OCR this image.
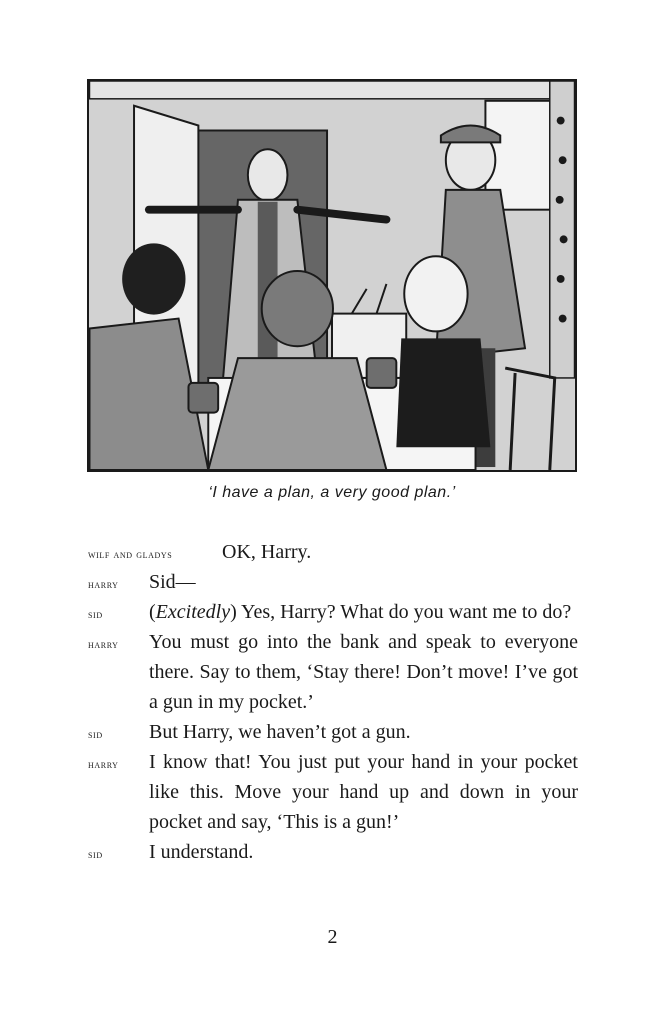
‘I have a plan, a very good plan.’
wilf and gladys	OK, Harry.
harry	Sid—
sid	(Excitedly) Yes, Harry? What do you want me to do?
harry	You must go into the bank and speak to everyone there. Say to them, ‘Stay there! Don’t move! I’ve got a gun in my pocket.’
sid	But Harry, we haven’t got a gun.
harry	I know that! You just put your hand in your pocket like this. Move your hand up and down in your pocket and say, ‘This is a gun!’
sid	I understand.
2
